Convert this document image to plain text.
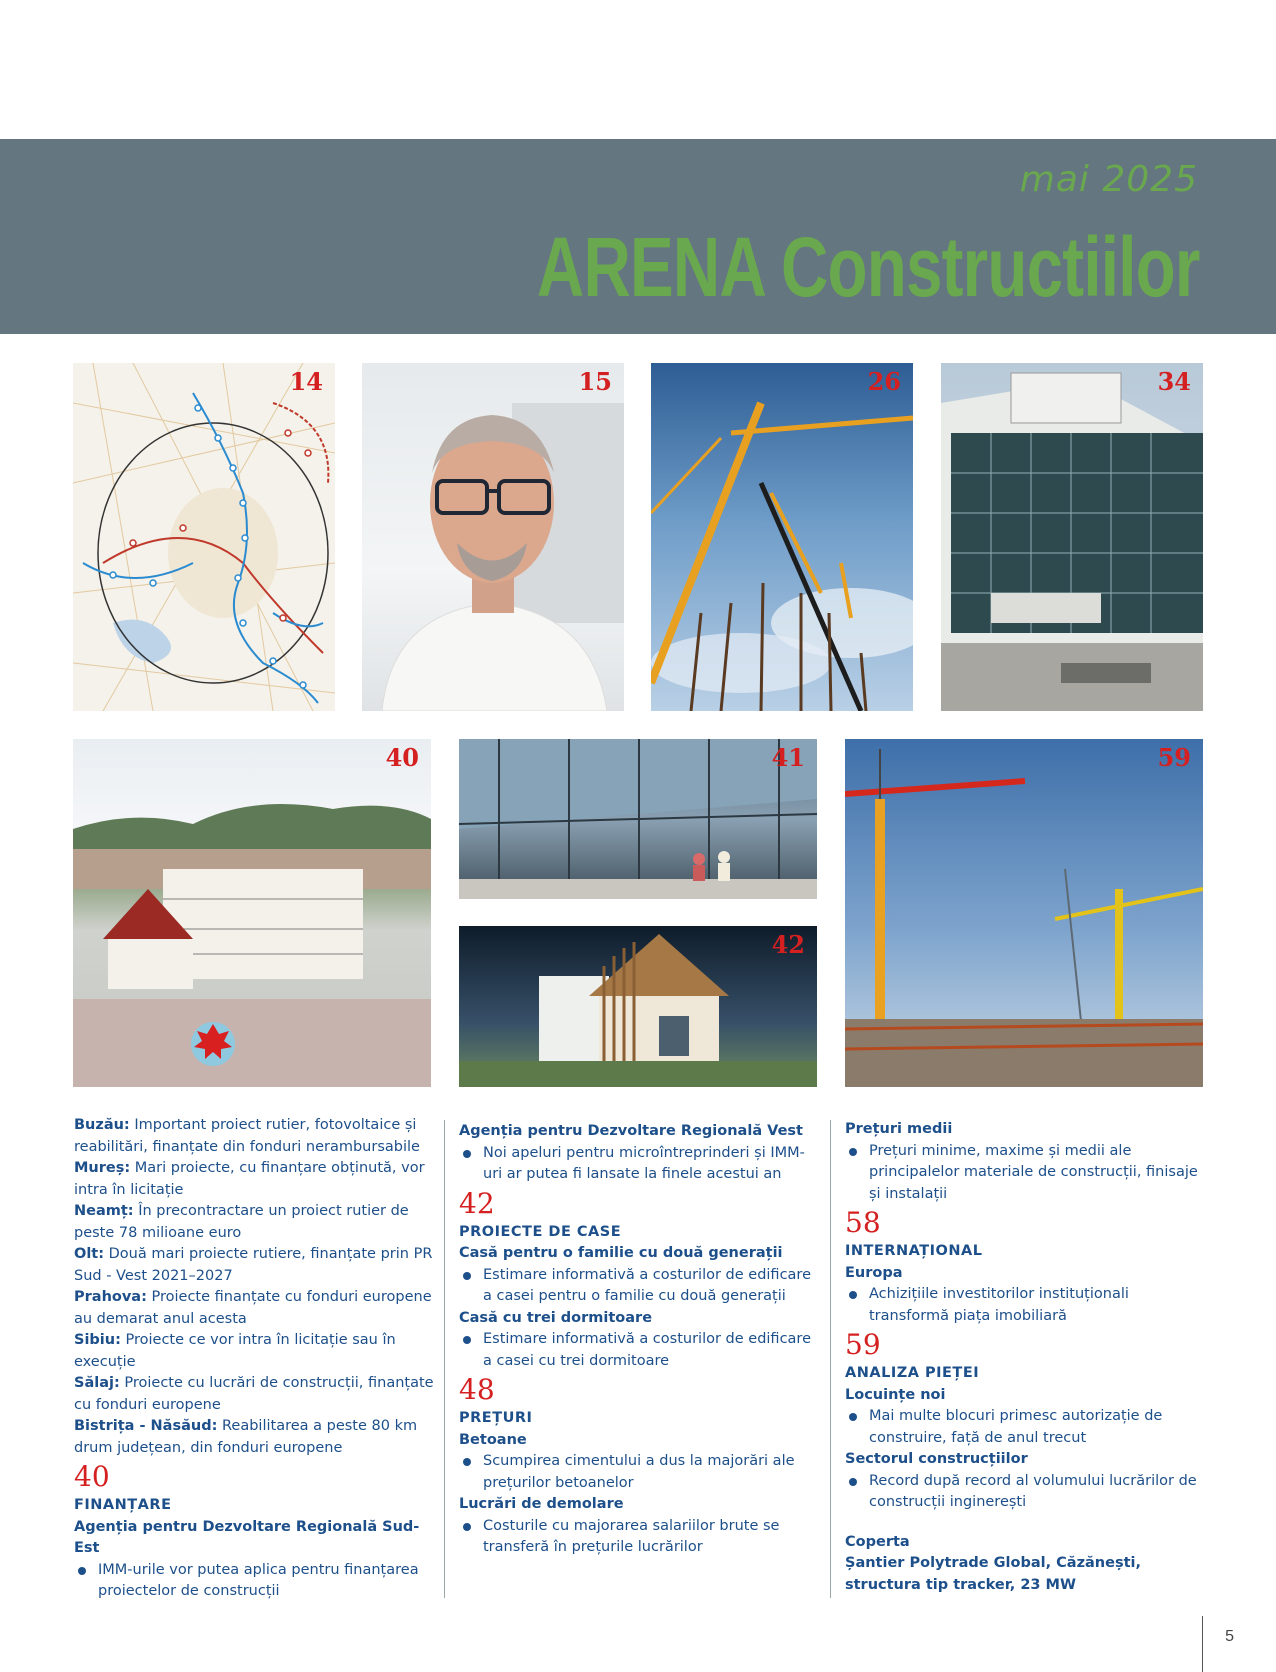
mai 2025
ARENA Constructiilor
14	15	26	34
40	41
42
59

Buzău: Important proiect rutier, fotovoltaice și reabilitări, finanțate din fonduri nerambursabile

Mureș: Mari proiecte, cu finanțare obținută, vor intra în licitație

Neamț: În precontractare un proiect rutier de peste 78 milioane euro

Olt: Două mari proiecte rutiere, finanțate prin PR Sud - Vest 2021–2027

Prahova: Proiecte finanțate cu fonduri europene au demarat anul acesta

Sibiu: Proiecte ce vor intra în licitație sau în execuție

Sălaj: Proiecte cu lucrări de construcții, finanțate cu fonduri europene

Bistrița - Năsăud: Reabilitarea a peste 80 km drum județean, din fonduri europene

40

FINANȚARE

Agenția pentru Dezvoltare Regională Sud-Est

IMM-urile vor putea aplica pentru finanțarea proiectelor de construcții

Agenția pentru Dezvoltare Regională Vest

Noi apeluri pentru microîntreprinderi și IMM-uri ar putea fi lansate la finele acestui an

42

PROIECTE DE CASE

Casă pentru o familie cu două generații

Estimare informativă a costurilor de edificare a casei pentru o familie cu două generații

Casă cu trei dormitoare

Estimare informativă a costurilor de edificare a casei cu trei dormitoare

48

PREȚURI

Betoane

Scumpirea cimentului a dus la majorări ale prețurilor betoanelor

Lucrări de demolare

Costurile cu majorarea salariilor brute se transferă în prețurile lucrărilor

Prețuri medii

Prețuri minime, maxime și medii ale principalelor materiale de construcții, finisaje și instalații

58

INTERNAȚIONAL

Europa

Achizițiile investitorilor instituționali transformă piața imobiliară

59

ANALIZA PIEȚEI

Locuințe noi

Mai multe blocuri primesc autorizație de construire, față de anul trecut

Sectorul construcțiilor

Record după record al volumului lucrărilor de construcții inginerești

Coperta

Șantier Polytrade Global, Căzănești, structura tip tracker, 23 MW

5
